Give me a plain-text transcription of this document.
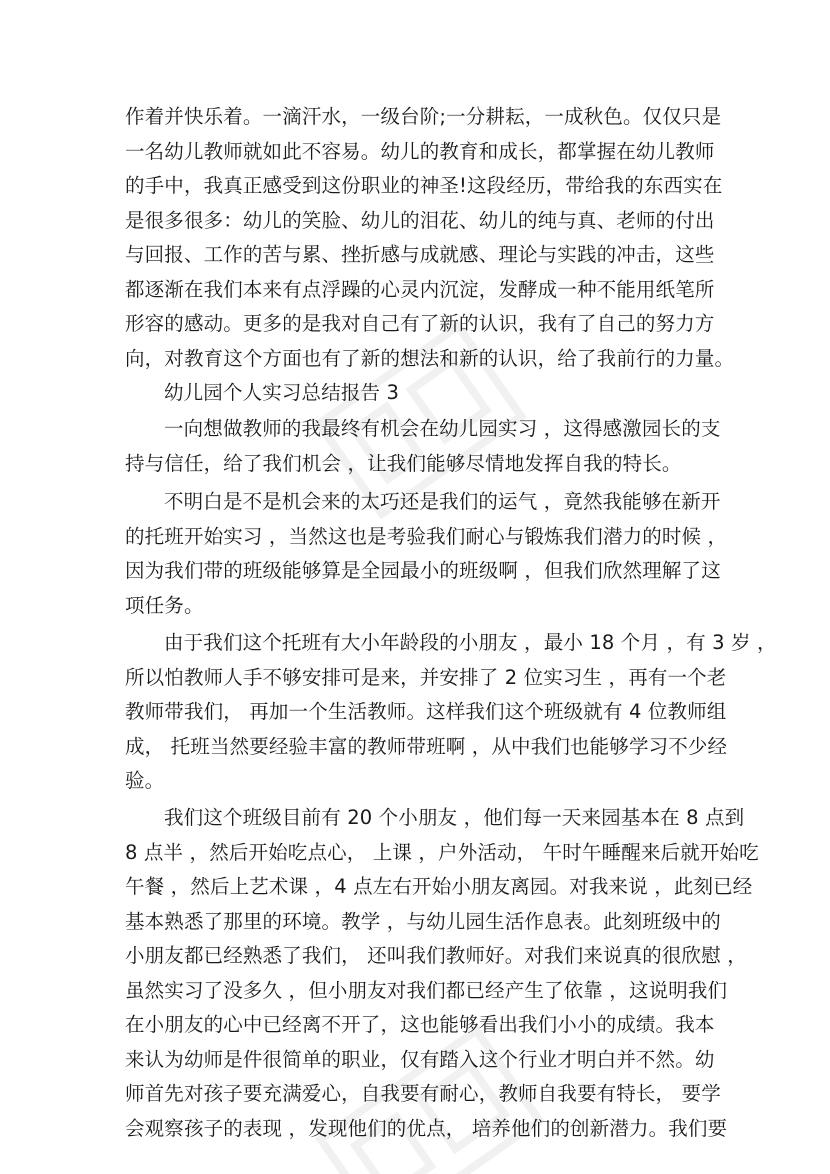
作着并快乐着。一滴汗水，一级台阶;一分耕耘，一成秋色。仅仅只是
一名幼儿教师就如此不容易。幼儿的教育和成长，都掌握在幼儿教师
的手中，我真正感受到这份职业的神圣!这段经历，带给我的东西实在
是很多很多：幼儿的笑脸、幼儿的泪花、幼儿的纯与真、老师的付出
与回报、工作的苦与累、挫折感与成就感、理论与实践的冲击，这些
都逐渐在我们本来有点浮躁的心灵内沉淀，发酵成一种不能用纸笔所
形容的感动。更多的是我对自己有了新的认识，我有了自己的努力方
向，对教育这个方面也有了新的想法和新的认识，给了我前行的力量。
幼儿园个人实习总结报告 3
一向想做教师的我最终有机会在幼儿园实习 ，这得感激园长的支
持与信任，给了我们机会 ，让我们能够尽情地发挥自我的特长。
不明白是不是机会来的太巧还是我们的运气 ，竟然我能够在新开
的托班开始实习 ，当然这也是考验我们耐心与锻炼我们潜力的时候 ，
因为我们带的班级能够算是全园最小的班级啊 ，但我们欣然理解了这
项任务。
由于我们这个托班有大小年龄段的小朋友 ，最小 18 个月 ，有 3 岁 ，
所以怕教师人手不够安排可是来，并安排了 2 位实习生 ，再有一个老
教师带我们， 再加一个生活教师。这样我们这个班级就有 4 位教师组
成， 托班当然要经验丰富的教师带班啊 ，从中我们也能够学习不少经
验。
我们这个班级目前有 20 个小朋友 ，他们每一天来园基本在 8 点到
8 点半 ，然后开始吃点心， 上课 ，户外活动， 午时午睡醒来后就开始吃
午餐 ，然后上艺术课 ，4 点左右开始小朋友离园。对我来说 ，此刻已经
基本熟悉了那里的环境。教学 ，与幼儿园生活作息表。此刻班级中的
小朋友都已经熟悉了我们， 还叫我们教师好。对我们来说真的很欣慰 ，
虽然实习了没多久 ，但小朋友对我们都已经产生了依靠 ，这说明我们
在小朋友的心中已经离不开了，这也能够看出我们小小的成绩。我本
来认为幼师是件很简单的职业，仅有踏入这个行业才明白并不然。幼
师首先对孩子要充满爱心，自我要有耐心，教师自我要有特长， 要学
会观察孩子的表现 ，发现他们的优点， 培养他们的创新潜力。我们要
